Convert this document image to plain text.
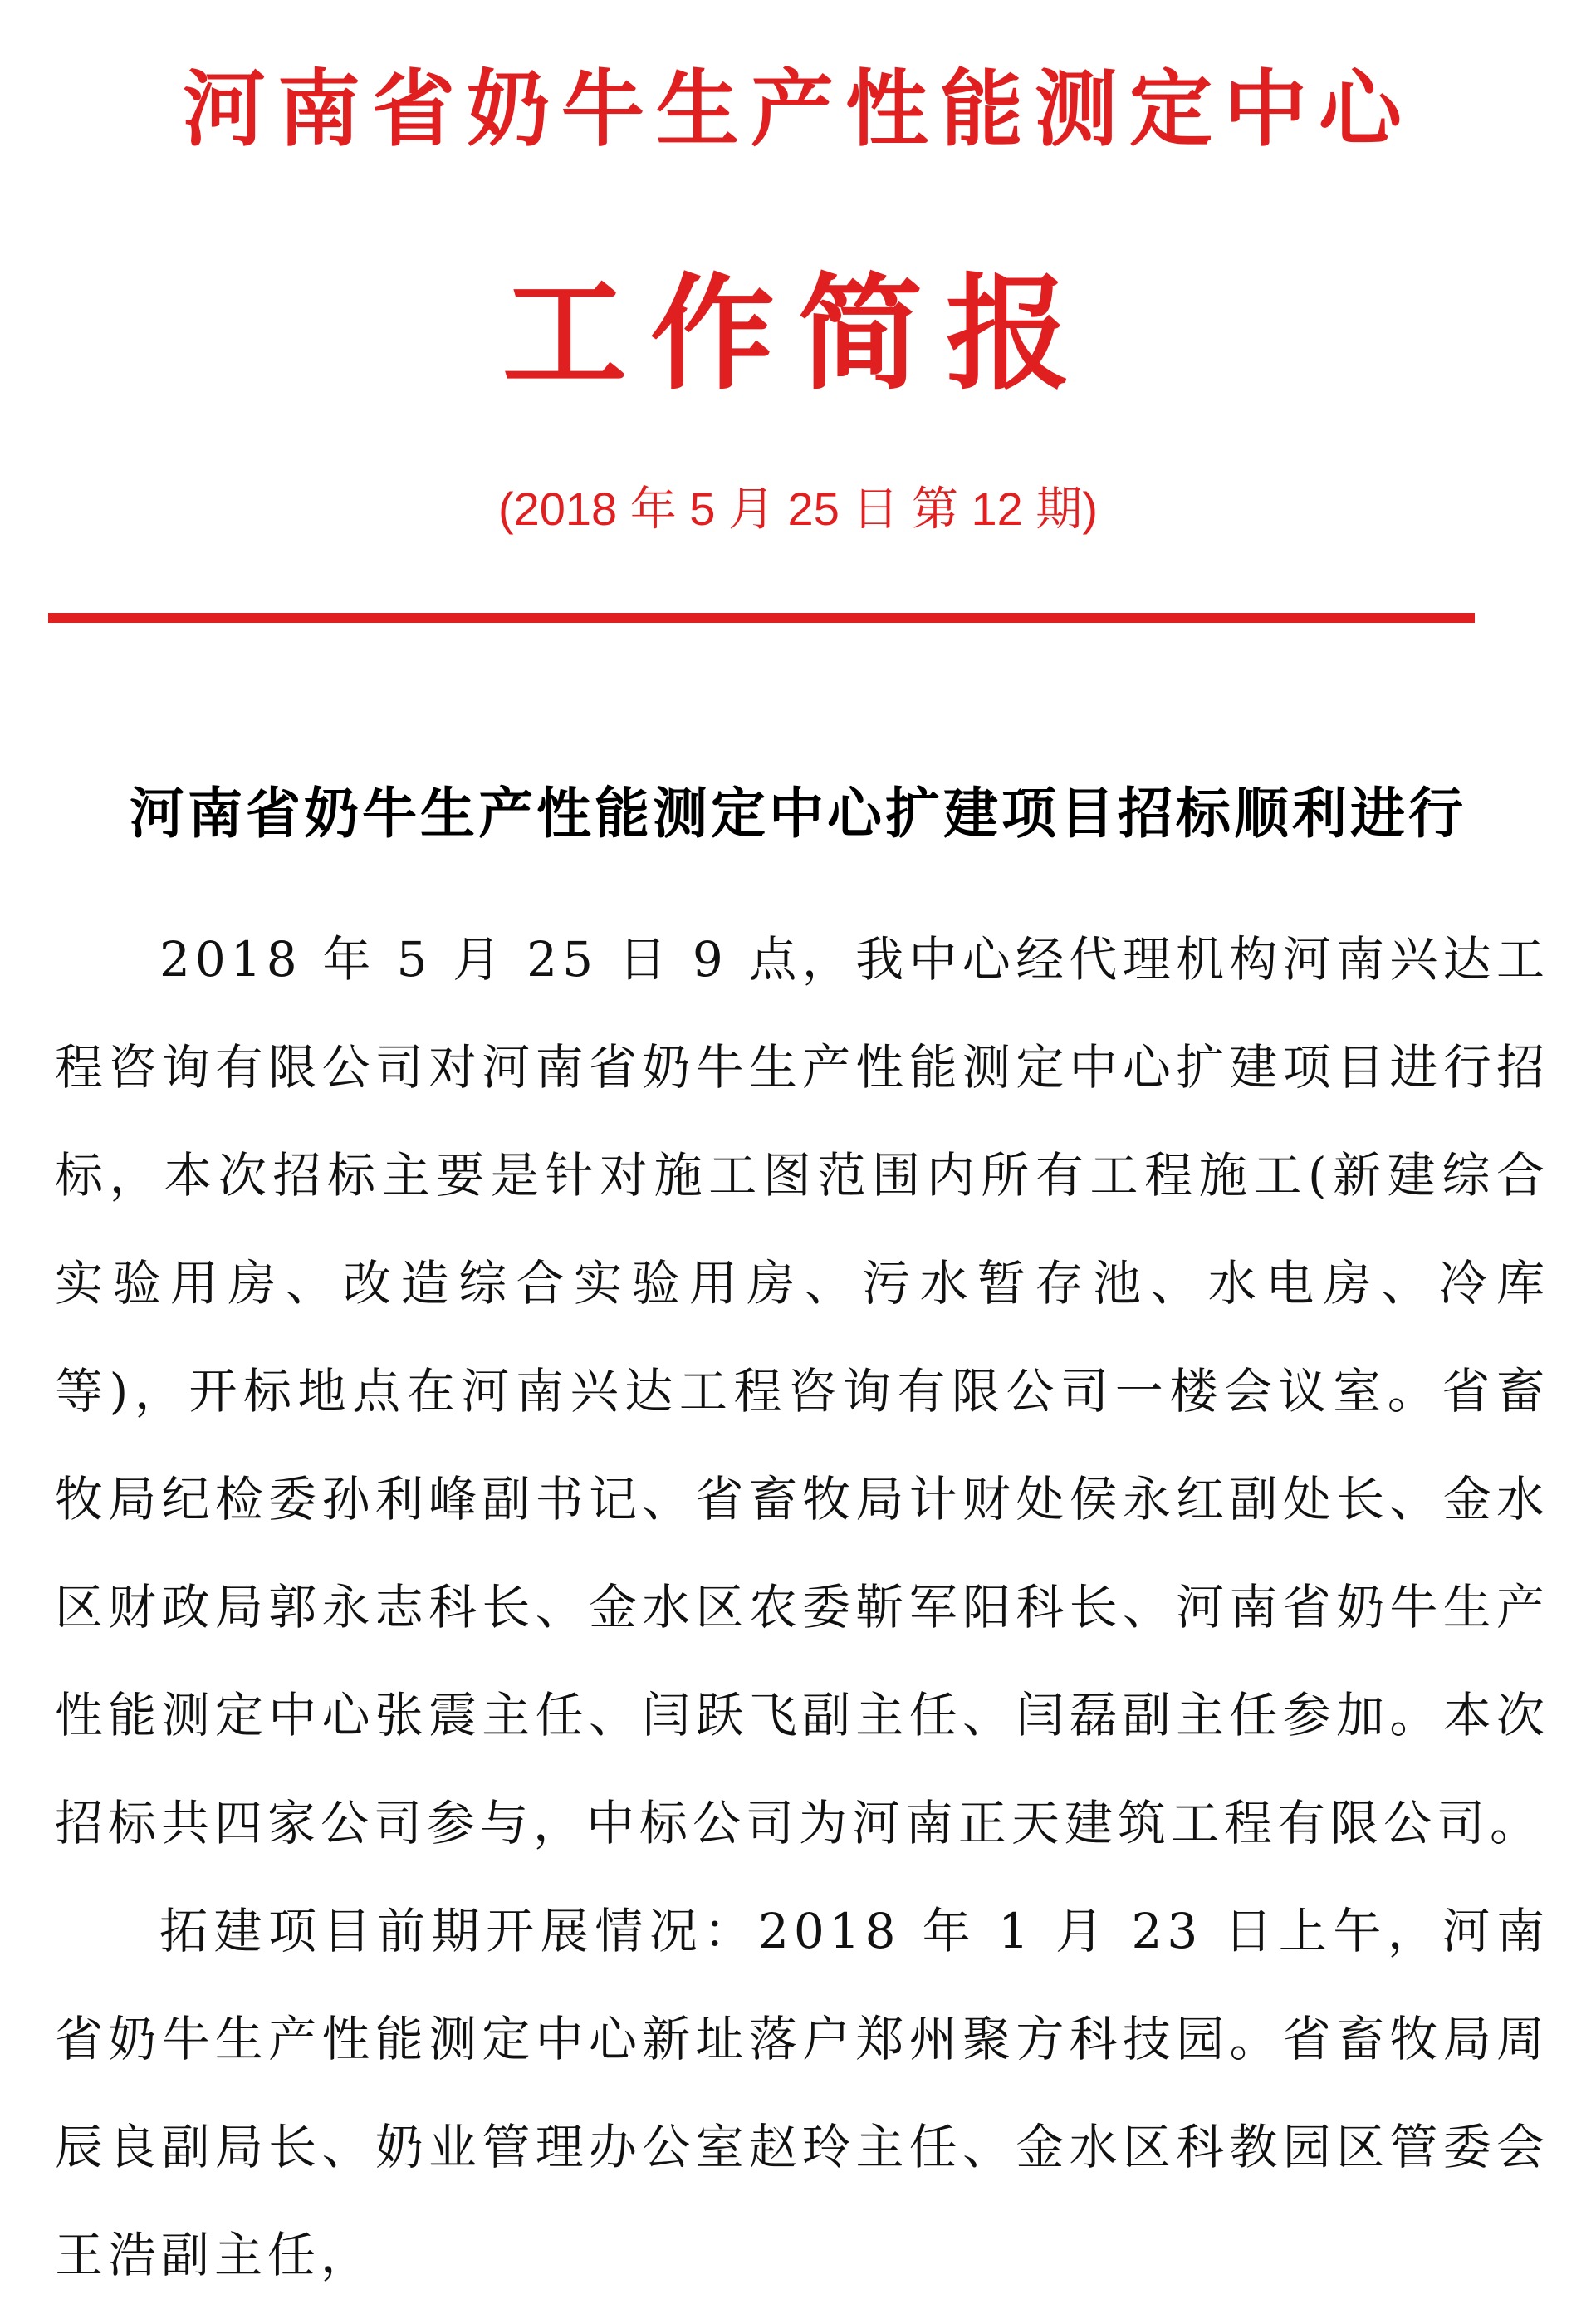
河南省奶牛生产性能测定中心
工作简报
(2018 年 5 月 25 日 第 12 期)
河南省奶牛生产性能测定中心扩建项目招标顺利进行

2018 年 5 月 25 日 9 点，我中心经代理机构河南兴达工程咨询有限公司对河南省奶牛生产性能测定中心扩建项目进行招标，本次招标主要是针对施工图范围内所有工程施工(新建综合实验用房、改造综合实验用房、污水暂存池、水电房、冷库等)，开标地点在河南兴达工程咨询有限公司一楼会议室。省畜牧局纪检委孙利峰副书记、省畜牧局计财处侯永红副处长、金水区财政局郭永志科长、金水区农委靳军阳科长、河南省奶牛生产性能测定中心张震主任、闫跃飞副主任、闫磊副主任参加。本次招标共四家公司参与，中标公司为河南正天建筑工程有限公司。

拓建项目前期开展情况：2018 年 1 月 23 日上午，河南省奶牛生产性能测定中心新址落户郑州聚方科技园。省畜牧局周辰良副局长、奶业管理办公室赵玲主任、金水区科教园区管委会王浩副主任，
